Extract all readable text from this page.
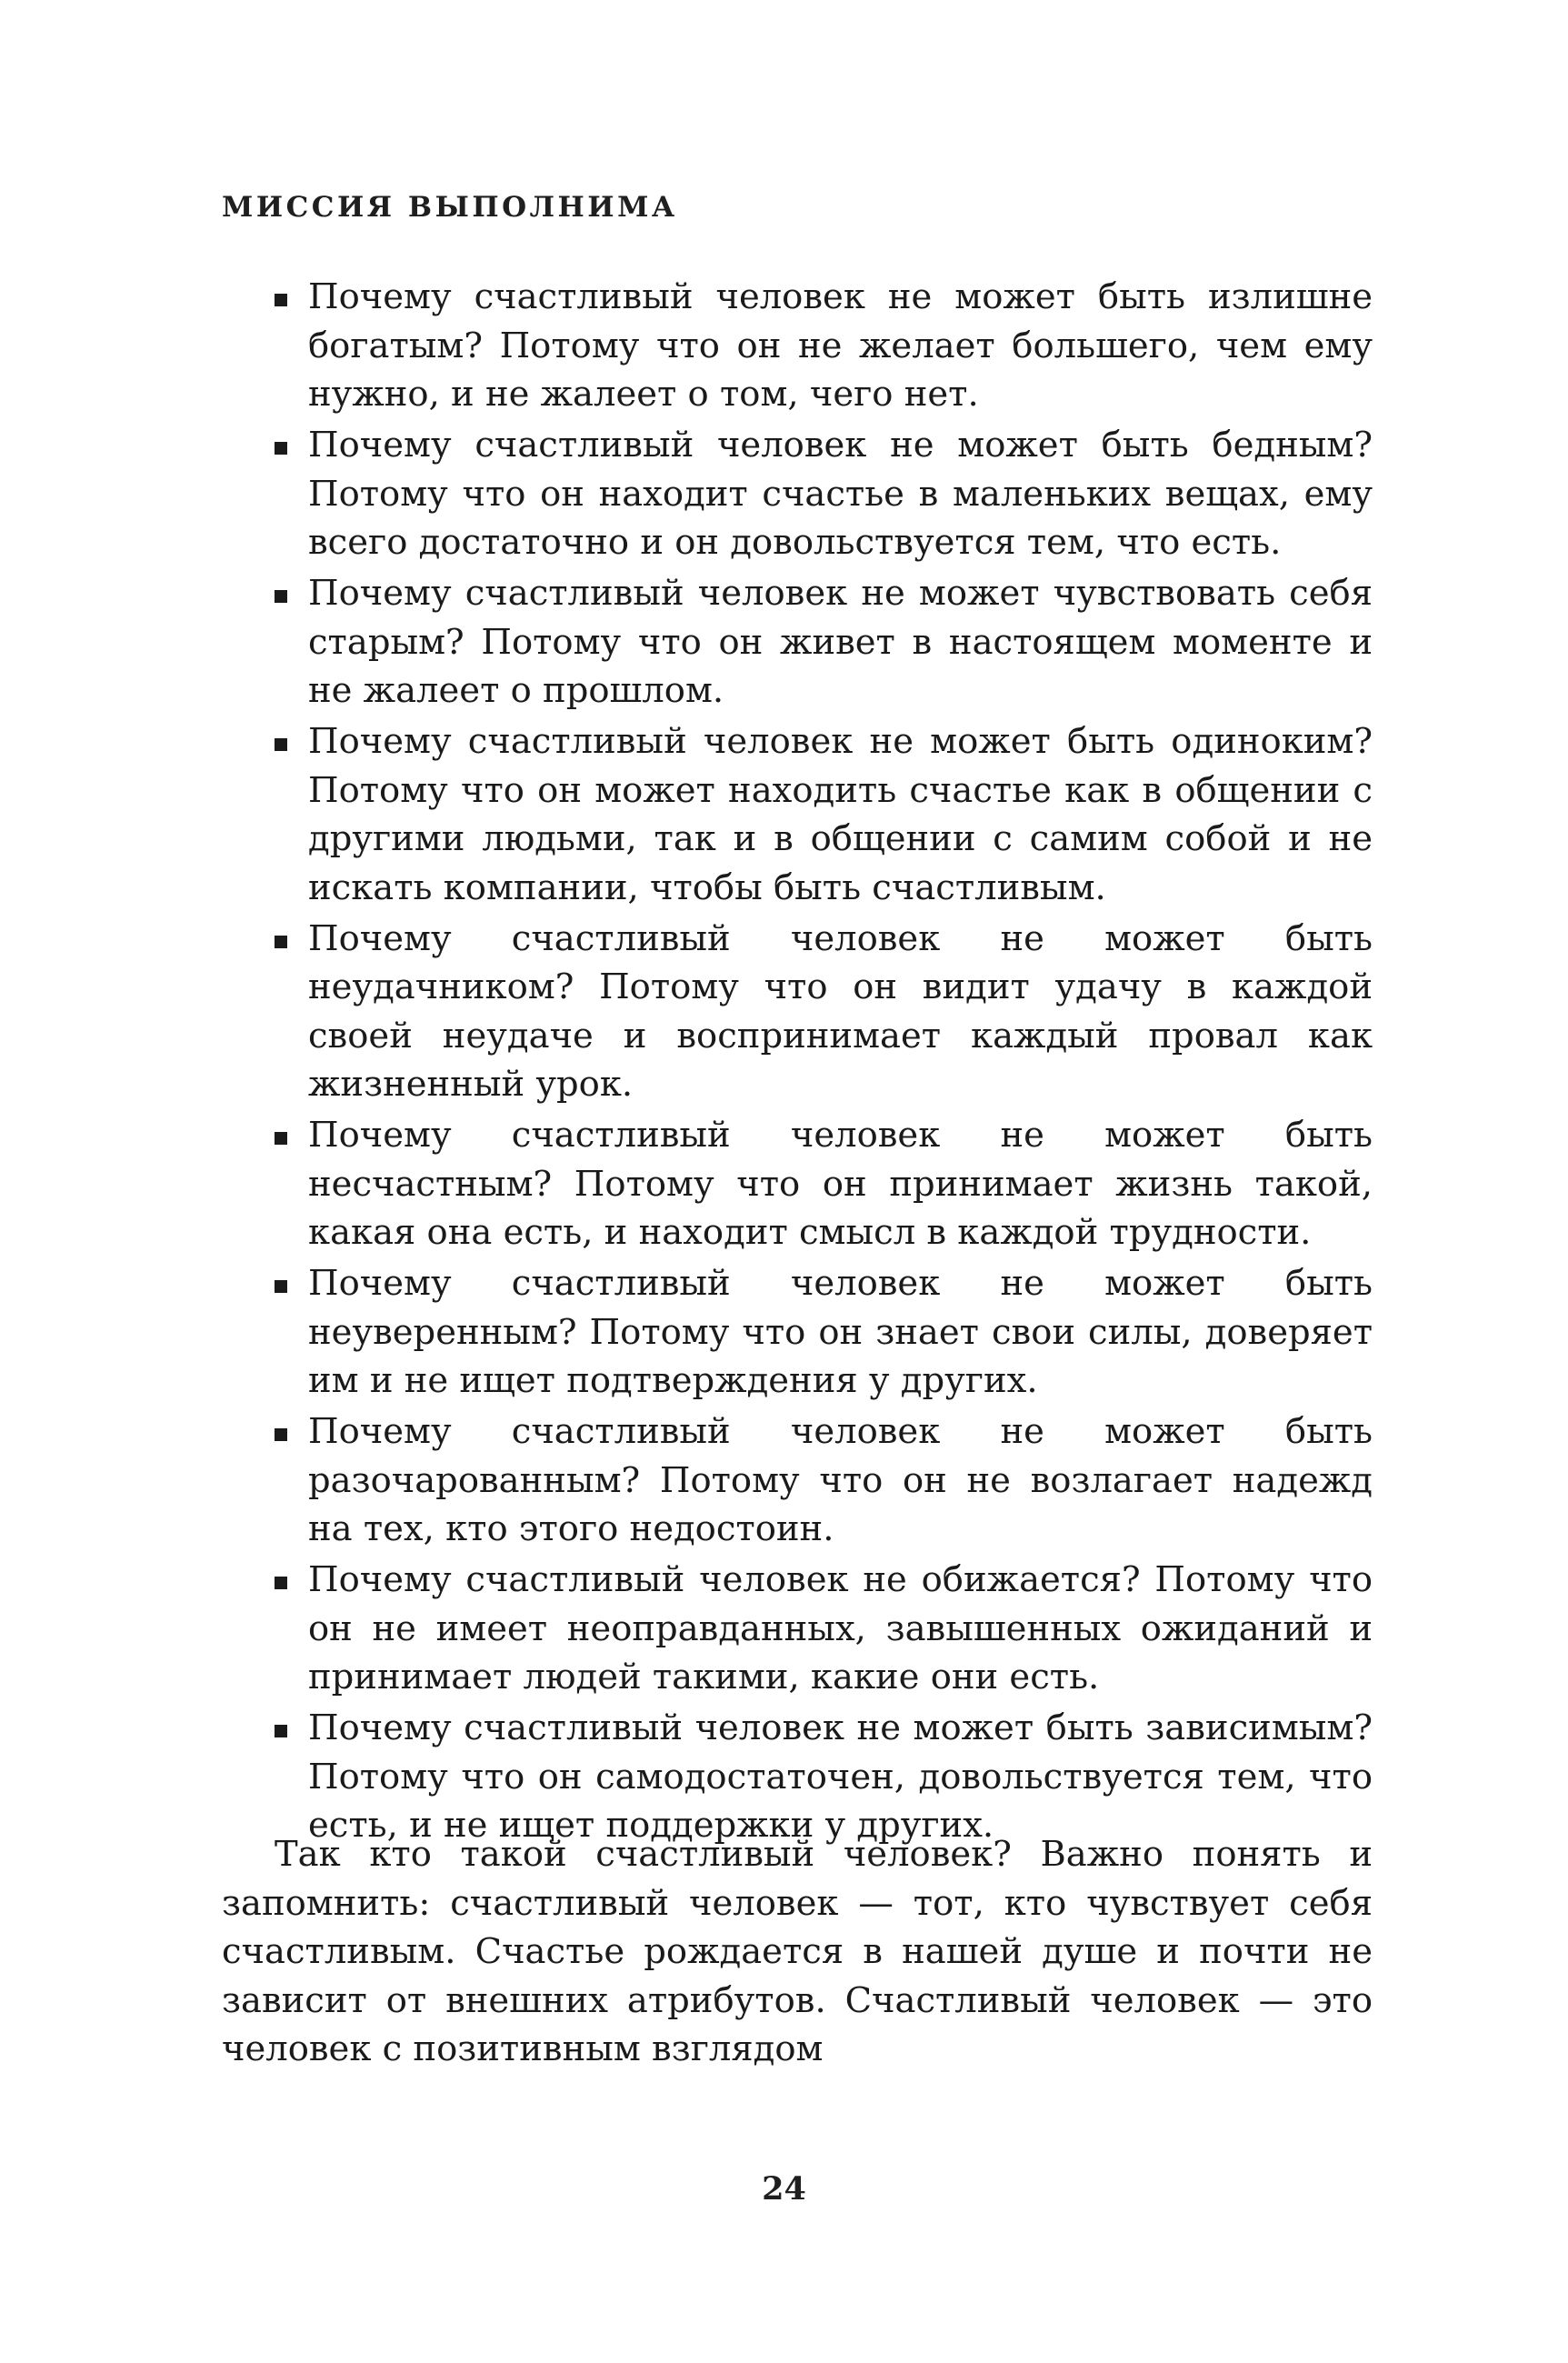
МИССИЯ ВЫПОЛНИМА
Почему счастливый человек не может быть излишне богатым? Потому что он не желает большего, чем ему нужно, и не жалеет о том, чего нет.
Почему счастливый человек не может быть бедным? Потому что он находит счастье в маленьких вещах, ему всего достаточно и он довольствуется тем, что есть.
Почему счастливый человек не может чувствовать себя старым? Потому что он живет в настоящем моменте и не жалеет о прошлом.
Почему счастливый человек не может быть одиноким? Потому что он может находить счастье как в общении с другими людьми, так и в общении с самим собой и не искать компании, чтобы быть счастливым.
Почему счастливый человек не может быть неудачником? Потому что он видит удачу в каждой своей неудаче и воспринимает каждый провал как жизненный урок.
Почему счастливый человек не может быть несчастным? Потому что он принимает жизнь такой, какая она есть, и находит смысл в каждой трудности.
Почему счастливый человек не может быть неуверенным? Потому что он знает свои силы, доверяет им и не ищет подтверждения у других.
Почему счастливый человек не может быть разочарованным? Потому что он не возлагает надежд на тех, кто этого недостоин.
Почему счастливый человек не обижается? Потому что он не имеет неоправданных, завышенных ожиданий и принимает людей такими, какие они есть.
Почему счастливый человек не может быть зависимым? Потому что он самодостаточен, довольствуется тем, что есть, и не ищет поддержки у других.

Так кто такой счастливый человек? Важно понять и запомнить: счастливый человек — тот, кто чувствует себя счастливым. Счастье рождается в нашей душе и почти не зависит от внешних атрибутов. Счастливый человек — это человек с позитивным взглядом

24
